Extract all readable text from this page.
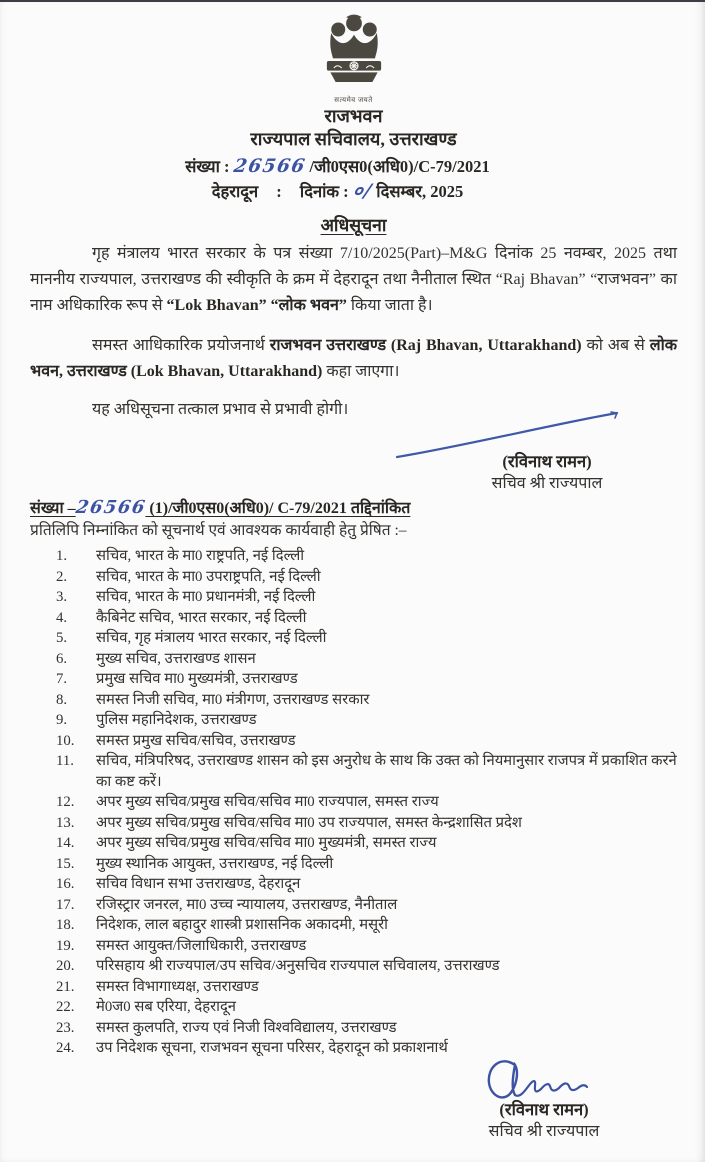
सत्यमेव जयते
राजभवन
राज्यपाल सचिवालय, उत्तराखण्ड
संख्या : 26566 /जी0एस0(अधि0)/C-79/2021
देहरादून : दिनांक : ०/ दिसम्बर, 2025
अधिसूचना

गृह मंत्रालय भारत सरकार के पत्र संख्या 7/10/2025(Part)–M&G दिनांक 25 नवम्बर, 2025 तथा माननीय राज्यपाल, उत्तराखण्ड की स्वीकृति के क्रम में देहरादून तथा नैनीताल स्थित “Raj Bhavan” “राजभवन” का नाम अधिकारिक रूप से “Lok Bhavan” “लोक भवन” किया जाता है।

समस्त आधिकारिक प्रयोजनार्थ राजभवन उत्तराखण्ड (Raj Bhavan, Uttarakhand) को अब से लोक भवन, उत्तराखण्ड (Lok Bhavan, Uttarakhand) कहा जाएगा।

यह अधिसूचना तत्काल प्रभाव से प्रभावी होगी।

(रविनाथ रामन)
सचिव श्री राज्यपाल
संख्या –26566 (1)/जी0एस0(अधि0)/ C-79/2021 तद्दिनांकित
प्रतिलिपि निम्नांकित को सूचनार्थ एवं आवश्यक कार्यवाही हेतु प्रेषित :–
सचिव, भारत के मा0 राष्ट्रपति, नई दिल्ली
सचिव, भारत के मा0 उपराष्ट्रपति, नई दिल्ली
सचिव, भारत के मा0 प्रधानमंत्री, नई दिल्ली
कैबिनेट सचिव, भारत सरकार, नई दिल्ली
सचिव, गृह मंत्रालय भारत सरकार, नई दिल्ली
मुख्य सचिव, उत्तराखण्ड शासन
प्रमुख सचिव मा0 मुख्यमंत्री, उत्तराखण्ड
समस्त निजी सचिव, मा0 मंत्रीगण, उत्तराखण्ड सरकार
पुलिस महानिदेशक, उत्तराखण्ड
समस्त प्रमुख सचिव/सचिव, उत्तराखण्ड
सचिव, मंत्रिपरिषद, उत्तराखण्ड शासन को इस अनुरोध के साथ कि उक्त को नियमानुसार राजपत्र में प्रकाशित करने का कष्ट करें।
अपर मुख्य सचिव/प्रमुख सचिव/सचिव मा0 राज्यपाल, समस्त राज्य
अपर मुख्य सचिव/प्रमुख सचिव/सचिव मा0 उप राज्यपाल, समस्त केन्द्रशासित प्रदेश
अपर मुख्य सचिव/प्रमुख सचिव/सचिव मा0 मुख्यमंत्री, समस्त राज्य
मुख्य स्थानिक आयुक्त, उत्तराखण्ड, नई दिल्ली
सचिव विधान सभा उत्तराखण्ड, देहरादून
रजिस्ट्रार जनरल, मा0 उच्च न्यायालय, उत्तराखण्ड, नैनीताल
निदेशक, लाल बहादुर शास्त्री प्रशासनिक अकादमी, मसूरी
समस्त आयुक्त/जिलाधिकारी, उत्तराखण्ड
परिसहाय श्री राज्यपाल/उप सचिव/अनुसचिव राज्यपाल सचिवालय, उत्तराखण्ड
समस्त विभागाध्यक्ष, उत्तराखण्ड
मे0ज0 सब एरिया, देहरादून
समस्त कुलपति, राज्य एवं निजी विश्वविद्यालय, उत्तराखण्ड
उप निदेशक सूचना, राजभवन सूचना परिसर, देहरादून को प्रकाशनार्थ
(रविनाथ रामन)
सचिव श्री राज्यपाल
